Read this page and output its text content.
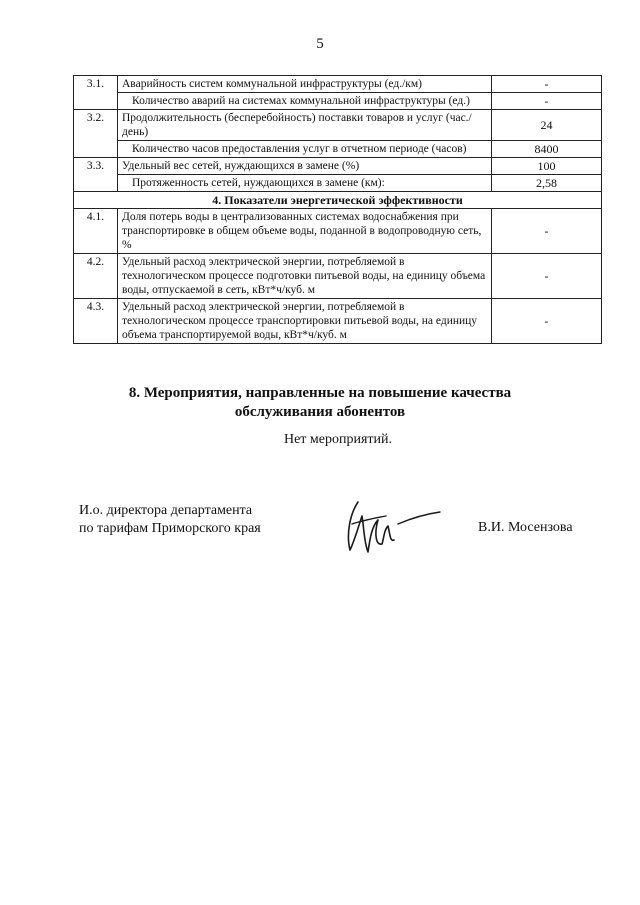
5
3.1.	Аварийность систем коммунальной инфраструктуры (ед./км)	-
	Количество аварий на системах коммунальной инфраструктуры (ед.)	-
3.2.	Продолжительность (бесперебойность) поставки товаров и услуг (час./день)	24
	Количество часов предоставления услуг в отчетном периоде (часов)	8400
3.3.	Удельный вес сетей, нуждающихся в замене (%)	100
	Протяженность сетей, нуждающихся в замене (км):	2,58
4. Показатели энергетической эффективности		
4.1.	Доля потерь воды в централизованных системах водоснабжения при транспортировке в общем объеме воды, поданной в водопроводную сеть, %	-
4.2.	Удельный расход электрической энергии, потребляемой в технологическом процессе подготовки питьевой воды, на единицу объема воды, отпускаемой в сеть, кВт*ч/куб. м	-
4.3.	Удельный расход электрической энергии, потребляемой в технологическом процессе транспортировки питьевой воды, на единицу объема транспортируемой воды, кВт*ч/куб. м	-
8. Мероприятия, направленные на повышение качества
обслуживания абонентов
Нет мероприятий.
И.о. директора департамента
по тарифам Приморского края	В.И. Мосензова
